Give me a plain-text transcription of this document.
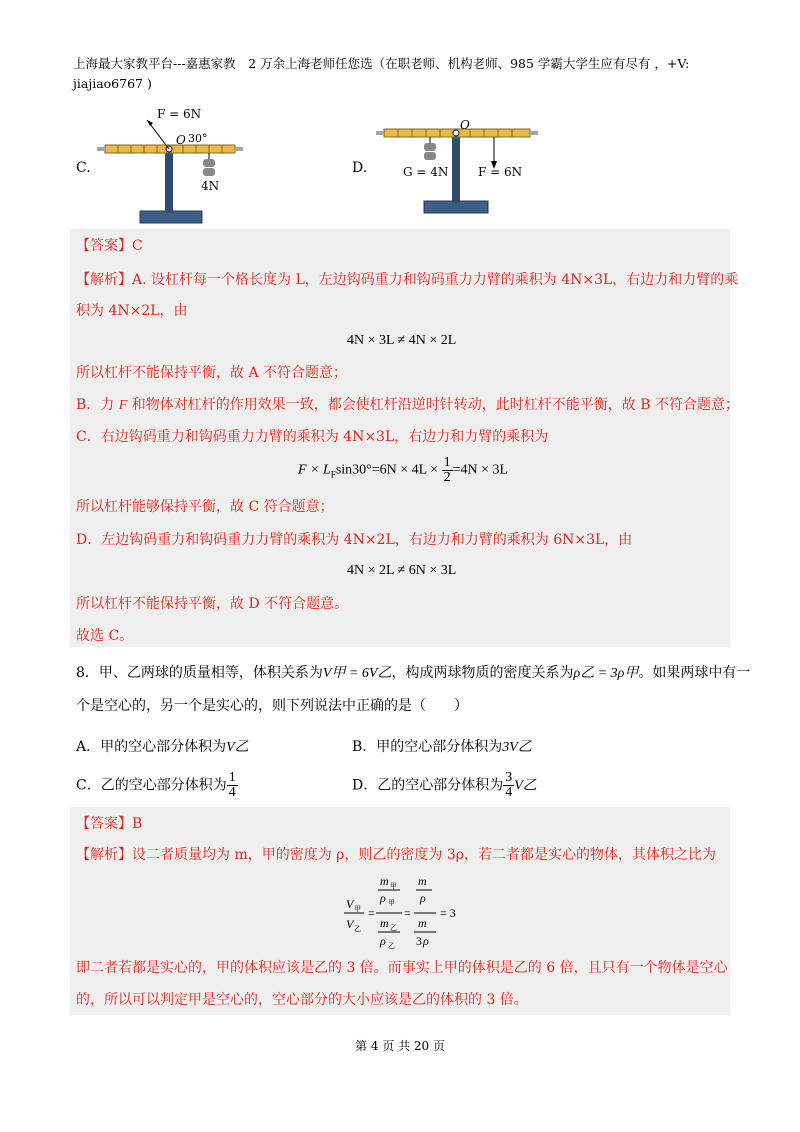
上海最大家教平台---嘉惠家教　2 万余上海老师任您选（在职老师、机构老师、985 学霸大学生应有尽有 ，+V:
jiajiao6767 )
C.
F = 6N
O 30°
4N
D.
O
G = 4N F = 6N
【答案】C
【解析】A. 设杠杆每一个格长度为 L，左边钩码重力和钩码重力力臂的乘积为 4N×3L，右边力和力臂的乘
积为 4N×2L，由
4N × 3L ≠ 4N × 2L
所以杠杆不能保持平衡，故 A 不符合题意；
B．力 F 和物体对杠杆的作用效果一致，都会使杠杆沿逆时针转动，此时杠杆不能平衡，故 B 不符合题意；
C．右边钩码重力和钩码重力力臂的乘积为 4N×3L，右边力和力臂的乘积为
$F \times L_F\sin 30^\circ=6N \times 4L \times \frac{1}{2} =4N \times 3L$
所以杠杆能够保持平衡，故 C 符合题意；
D．左边钩码重力和钩码重力力臂的乘积为 4N×2L，右边力和力臂的乘积为 6N×3L，由
4N × 2L ≠ 6N × 3L
所以杠杆不能保持平衡，故 D 不符合题意。
故选 C。
8．甲、乙两球的质量相等，体积关系为V甲 = 6V乙，构成两球物质的密度关系为ρ乙 = 3ρ甲。如果两球中有一
个是空心的，另一个是实心的，则下列说法中正确的是（　　）
A．甲的空心部分体积为V乙	B．甲的空心部分体积为3V乙
C．乙的空心部分体积为 $\frac{1}{4}$	D．乙的空心部分体积为 $\frac{3}{4}$ V乙
【答案】B
【解析】设二者质量均为 m，甲的密度为 ρ，则乙的密度为 3ρ，若二者都是实心的物体，其体积之比为
V 甲
V 乙
=
m 甲
ρ 甲
m 乙
ρ 乙
=
m
ρ
m
3 ρ
= 3
即二者若都是实心的，甲的体积应该是乙的 3 倍。而事实上甲的体积是乙的 6 倍，且只有一个物体是空心
的，所以可以判定甲是空心的，空心部分的大小应该是乙的体积的 3 倍。
第 4 页 共 20 页
